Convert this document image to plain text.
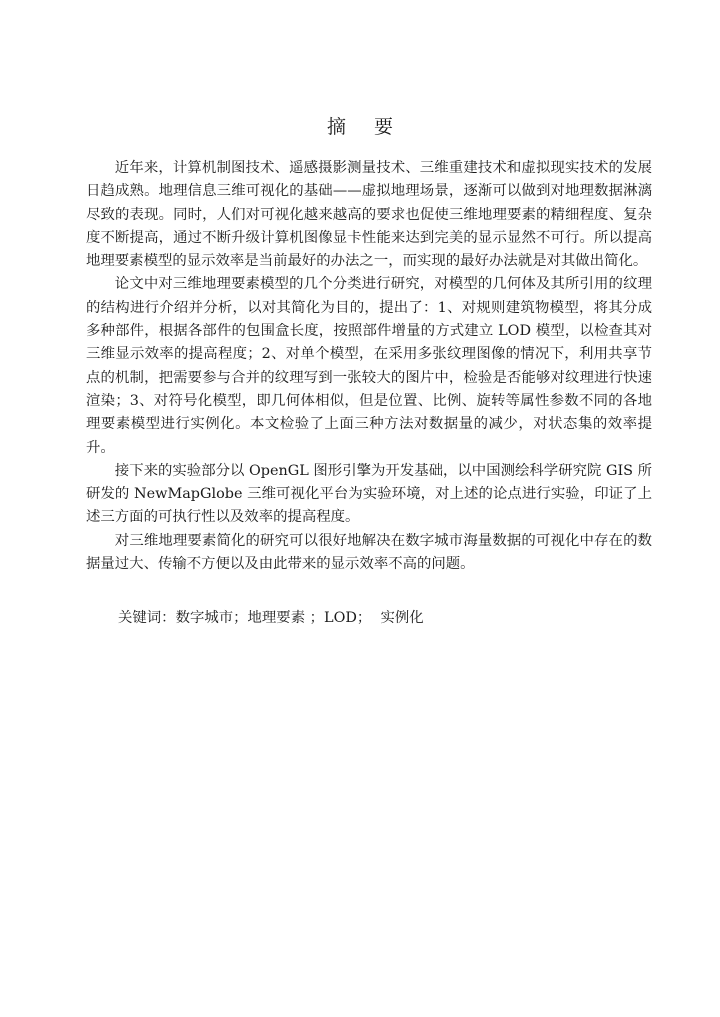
摘要

近年来，计算机制图技术、遥感摄影测量技术、三维重建技术和虚拟现实技术的发展日趋成熟。地理信息三维可视化的基础——虚拟地理场景，逐渐可以做到对地理数据淋漓尽致的表现。同时，人们对可视化越来越高的要求也促使三维地理要素的精细程度、复杂度不断提高，通过不断升级计算机图像显卡性能来达到完美的显示显然不可行。所以提高地理要素模型的显示效率是当前最好的办法之一，而实现的最好办法就是对其做出简化。

论文中对三维地理要素模型的几个分类进行研究，对模型的几何体及其所引用的纹理的结构进行介绍并分析，以对其简化为目的，提出了：1、对规则建筑物模型，将其分成多种部件，根据各部件的包围盒长度，按照部件增量的方式建立 LOD 模型，以检查其对三维显示效率的提高程度；2、对单个模型，在采用多张纹理图像的情况下，利用共享节点的机制，把需要参与合并的纹理写到一张较大的图片中，检验是否能够对纹理进行快速渲染；3、对符号化模型，即几何体相似，但是位置、比例、旋转等属性参数不同的各地理要素模型进行实例化。本文检验了上面三种方法对数据量的减少，对状态集的效率提升。

接下来的实验部分以 OpenGL 图形引擎为开发基础，以中国测绘科学研究院 GIS 所研发的 NewMapGlobe 三维可视化平台为实验环境，对上述的论点进行实验，印证了上述三方面的可执行性以及效率的提高程度。

对三维地理要素简化的研究可以很好地解决在数字城市海量数据的可视化中存在的数据量过大、传输不方便以及由此带来的显示效率不高的问题。

关键词：数字城市；地理要素 ；LOD；  实例化
